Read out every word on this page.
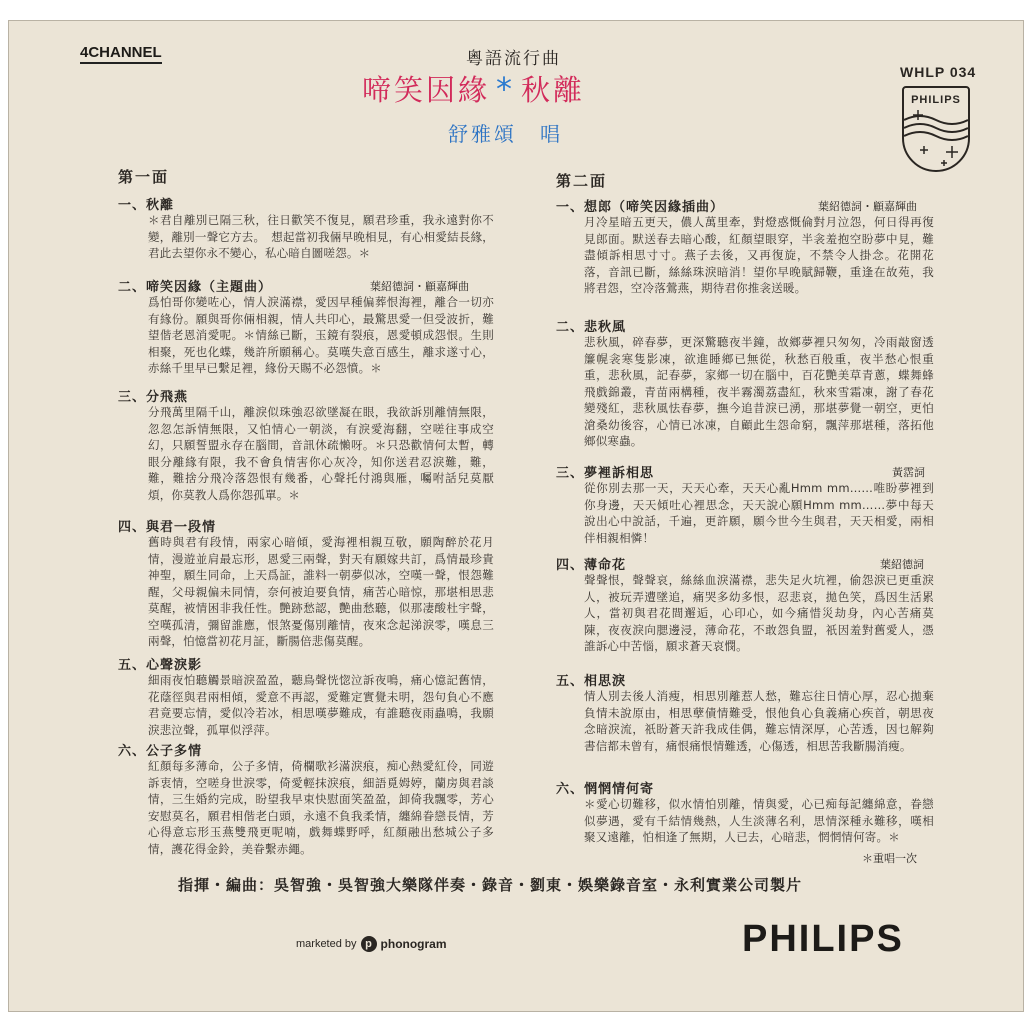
4CHANNEL	粵語流行曲
啼笑因緣 * 秋離
舒雅頌　唱
WHLP 034
PHILIPS
第一面
一、秋離
＊君自離別已隔三秋，往日歡笑不復見，願君珍重，我永遠對你不變，離別一聲它方去。　想起當初我倆早晚相見，有心相愛結長緣，君此去望你永不變心，私心暗自圖嗟怨。＊
二、啼笑因緣（主題曲）	葉紹德詞・顧嘉輝曲
爲怕哥你變咗心，情人淚滿襟，愛因早種偏葬恨海裡，離合一切亦有緣份。願與哥你倆相親，情人共印心，最驚思愛一但受波折，難望偕老恩消愛呢。＊情絲已斷，玉鏡有裂痕，恩愛頓成怨恨。生則相聚，死也化蝶，幾許所願稱心。莫嘆失意百感生，離求遂寸心，赤絲千里早已繫足裡，緣份天賜不必怨憤。＊
三、分飛燕
分飛萬里隔千山，離淚似珠強忍欲墜凝在眼，我欲訴別離情無限，忽忽怎訴情無限，又怕情心一朝淡，有淚愛海翻，空嗟往事成空幻，只願誓盟永存在腦間，音訊休疏懶呀。＊只恐歡情何太暫，轉眼分離緣有限，我不會負情害你心灰冷，知你送君忍淚難，難，難，難捨分飛冷落怨恨有幾番，心聲托付鴻與雁，囑咐話兒莫厭煩，你莫教人爲你怨孤單。＊
四、與君一段情
舊時與君有段情，兩家心暗傾，愛海裡相親互敬，願陶醉於花月情，漫遊並肩最忘形，恩愛三兩聲，對天有願嫁共訂，爲情最珍貴神聖，願生同命，上天爲証，誰料一朝夢似冰，空嘆一聲，恨怨難醒，父母親偏未同情，奈何被迫要負情，痛苦心暗惊，那堪相思悲莫醒，被情困非我任性。艷跡愁認，艷曲愁聽，似那凄酸杜宇聲，空嘆孤清，彌留誰應，恨煞憂傷別離情，夜來念起涕淚零，嘆息三兩聲，怕憶當初花月証，斷腸倍悲傷莫醒。
五、心聲淚影
細雨夜怕聽觸景暗淚盈盈，聽鳥聲恍惚泣訴夜鳴，痛心憶記舊情，花蔭徑與君兩相傾，愛意不再認，愛難定實覺未明，怨句負心不應君竟要忘情，愛似冷若冰，相思嘆夢難成，有誰聽夜雨蟲鳴，我願淚悲泣聲，孤單似浮萍。
六、公子多情
紅顏每多薄命，公子多情，倚欄歌衫滿淚痕，痴心熱愛紅伶，同遊訴衷情，空嗟身世淚零，倚愛輕抹淚痕，細語覓姆婷，蘭房與君談情，三生婚約完成，盼望我早束快慰面笑盈盈，卸倚我飄零，芳心安慰莫名，願君相偕老白頭，永遠不負我柔情，纏綿眷戀長情，芳心得意忘形玉燕雙飛更呢喃，戲舞蝶野呼，紅顏融出愁城公子多情，護花得金鈴，美眷繫赤繩。
第二面
一、想郎（啼笑因緣插曲）	葉紹德詞・顧嘉輝曲
月冷星暗五更天，儂人萬里牽，對燈惑慨倫對月泣怨，何日得再復見郎面。默送春去暗心酸，紅顏望眼穿，半衾羞抱空盼夢中見，難盡傾訴相思寸寸。燕子去後，又再復旋，不禁令人掛念。花開花落，音訊已斷，絲絲珠淚暗消！望你早晚賦歸鞭，重逢在故苑，我將君怨，空冷落鶯燕，期待君你推衾送暖。
二、悲秋風
悲秋風，碎春夢，更深驚聽夜半鐘，故鄉夢裡只匆匆，冷雨敲窗透簾幌衾寒隻影凍，欲進睡鄉已無從，秋愁百般重，夜半愁心恨重重，悲秋風，記春夢，家鄉一切在腦中，百花艷美草青蔥，蝶舞蜂飛戲錦叢，青苗兩構種，夜半霧濁荔盡紅，秋來雪霜凍，謝了春花變殘紅，悲秋風怯春夢，撫今追昔淚已湧，那堪夢覺一朝空，更怕滄桑幼後容，心情已冰凍，自顧此生怨命窮，飄萍那堪種，落拓他鄉似寒蟲。
三、夢裡訴相思	黃霑詞
從你別去那一天，天天心牽，天天心亂Hmm mm……唯盼夢裡到你身邊，天天傾吐心裡思念，天天說心願Hmm mm……夢中每天說出心中說話，千遍，更許願，願今世今生與君，天天相愛，兩相伴相親相憐！
四、薄命花	葉紹德詞
聲聲恨，聲聲哀，絲絲血淚滿襟，悲失足火坑裡，偷怨淚已更重淚人，被玩弄遭墜追，痛哭多幼多恨，忍悲哀，拋色笑，爲因生活累人，當初與君花間邂逅，心印心，如今痛惜災劫身，內心苦痛莫陳，夜夜淚向腮邊浸，薄命花，不敢怨負盟，祇因羞對舊愛人，憑誰訴心中苦惱，願求蒼天哀憫。
五、相思淚
情人別去後人消瘦，相思別離惹人愁，難忘往日情心厚，忍心拋棄負情未說原由，相思孽債情難受，恨他負心負義痛心疾首，朝思夜念暗淚流，祇盼蒼天許我成佳偶，難忘情深厚，心苦透，因乜解夠書信都未曾有，痛恨痛恨情難透，心傷透，相思苦我斷腸消瘦。
六、惘惘情何寄
＊愛心切難移，似水情怕別離，情與愛，心已痴每記纏綿意，眷戀似夢遇，愛有千結情幾熱，人生淡薄名利，思情深種永難移，嘆相聚又遠離，怕相逢了無期，人已去，心暗悲，惘惘情何寄。＊
＊重唱一次
指揮・編曲：吳智強・吳智強大樂隊伴奏・錄音・劉東・娛樂錄音室・永利實業公司製片
marketed by p phonogram	PHILIPS
